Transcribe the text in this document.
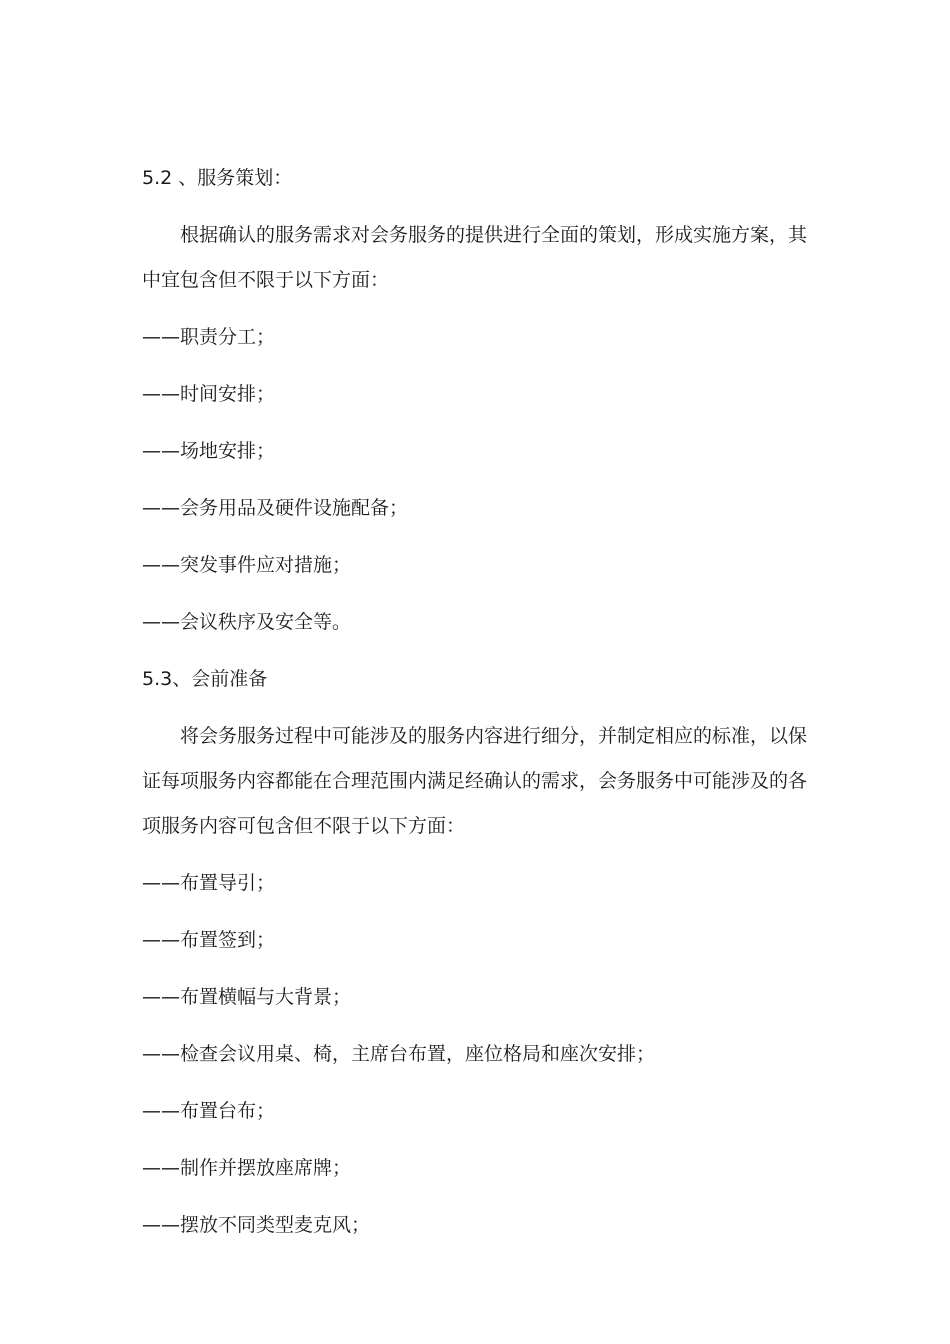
5.2 、服务策划：

根据确认的服务需求对会务服务的提供进行全面的策划，形成实施方案，其

中宜包含但不限于以下方面：

——职责分工；

——时间安排；

——场地安排；

——会务用品及硬件设施配备；

——突发事件应对措施；

——会议秩序及安全等。

5.3、会前准备

将会务服务过程中可能涉及的服务内容进行细分，并制定相应的标准，以保

证每项服务内容都能在合理范围内满足经确认的需求，会务服务中可能涉及的各

项服务内容可包含但不限于以下方面：

——布置导引；

——布置签到；

——布置横幅与大背景；

——检查会议用桌、椅，主席台布置，座位格局和座次安排；

——布置台布；

——制作并摆放座席牌；

——摆放不同类型麦克风；
